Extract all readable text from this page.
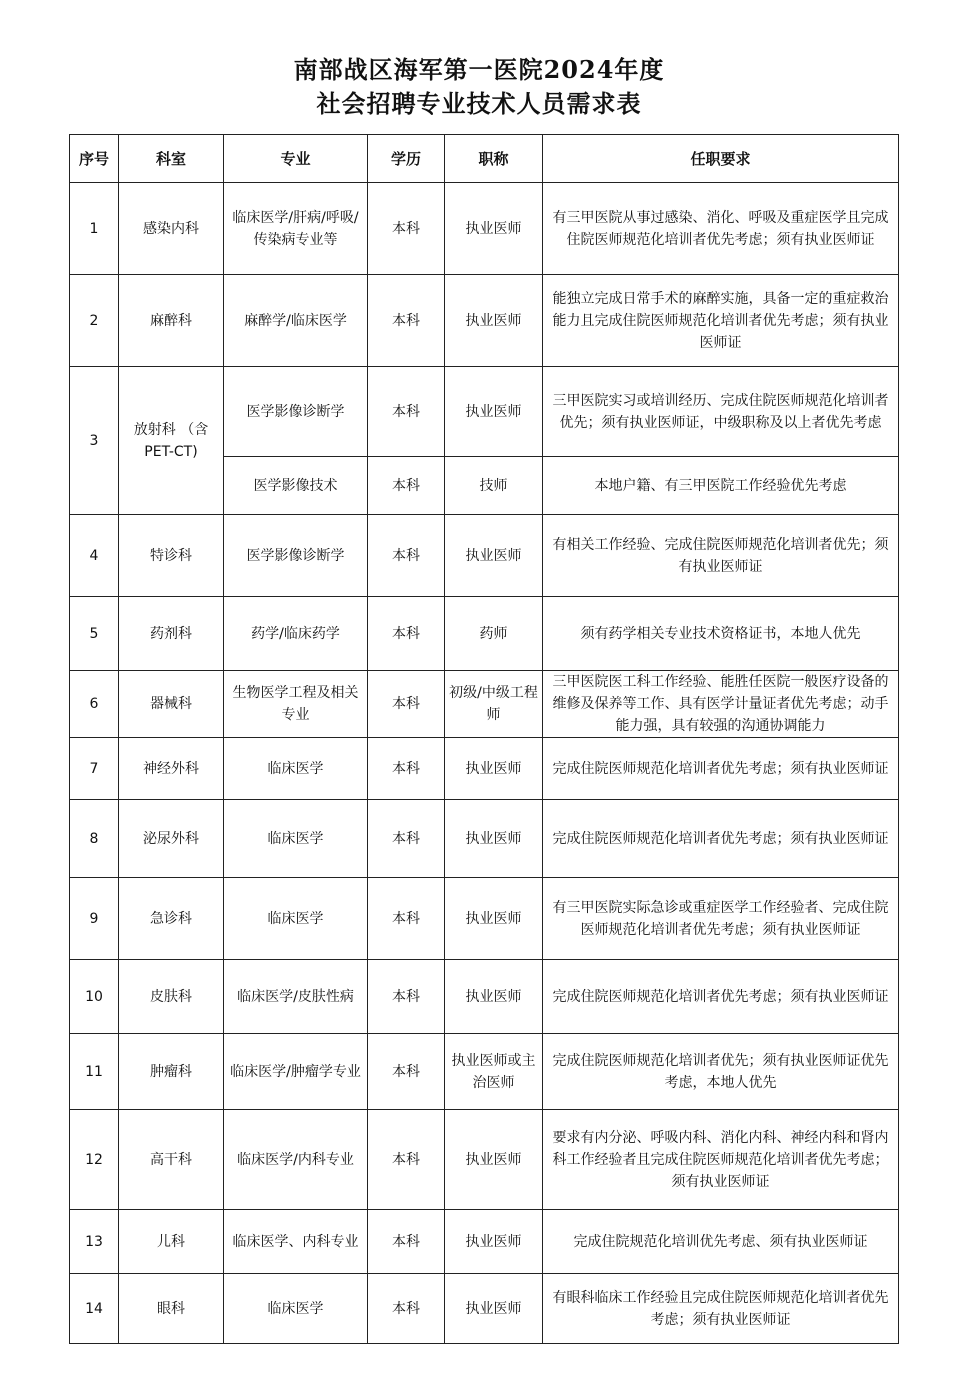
南部战区海军第一医院2024年度
社会招聘专业技术人员需求表
序号	科室	专业	学历	职称	任职要求
1	感染内科	临床医学/肝病/呼吸/传染病专业等	本科	执业医师	有三甲医院从事过感染、消化、呼吸及重症医学且完成住院医师规范化培训者优先考虑；须有执业医师证
2	麻醉科	麻醉学/临床医学	本科	执业医师	能独立完成日常手术的麻醉实施，具备一定的重症救治能力且完成住院医师规范化培训者优先考虑；须有执业医师证
3	放射科 （含PET-CT)	医学影像诊断学	本科	执业医师	三甲医院实习或培训经历、完成住院医师规范化培训者优先；须有执业医师证，中级职称及以上者优先考虑
		医学影像技术	本科	技师	本地户籍、有三甲医院工作经验优先考虑
4	特诊科	医学影像诊断学	本科	执业医师	有相关工作经验、完成住院医师规范化培训者优先；须有执业医师证
5	药剂科	药学/临床药学	本科	药师	须有药学相关专业技术资格证书，本地人优先
6	器械科	生物医学工程及相关专业	本科	初级/中级工程师	三甲医院医工科工作经验、能胜任医院一般医疗设备的维修及保养等工作、具有医学计量证者优先考虑；动手能力强，具有较强的沟通协调能力
7	神经外科	临床医学	本科	执业医师	完成住院医师规范化培训者优先考虑；须有执业医师证
8	泌尿外科	临床医学	本科	执业医师	完成住院医师规范化培训者优先考虑；须有执业医师证
9	急诊科	临床医学	本科	执业医师	有三甲医院实际急诊或重症医学工作经验者、完成住院医师规范化培训者优先考虑；须有执业医师证
10	皮肤科	临床医学/皮肤性病	本科	执业医师	完成住院医师规范化培训者优先考虑；须有执业医师证
11	肿瘤科	临床医学/肿瘤学专业	本科	执业医师或主治医师	完成住院医师规范化培训者优先；须有执业医师证优先考虑，本地人优先
12	高干科	临床医学/内科专业	本科	执业医师	要求有内分泌、呼吸内科、消化内科、神经内科和肾内科工作经验者且完成住院医师规范化培训者优先考虑；须有执业医师证
13	儿科	临床医学、内科专业	本科	执业医师	完成住院规范化培训优先考虑、须有执业医师证
14	眼科	临床医学	本科	执业医师	有眼科临床工作经验且完成住院医师规范化培训者优先考虑；须有执业医师证
